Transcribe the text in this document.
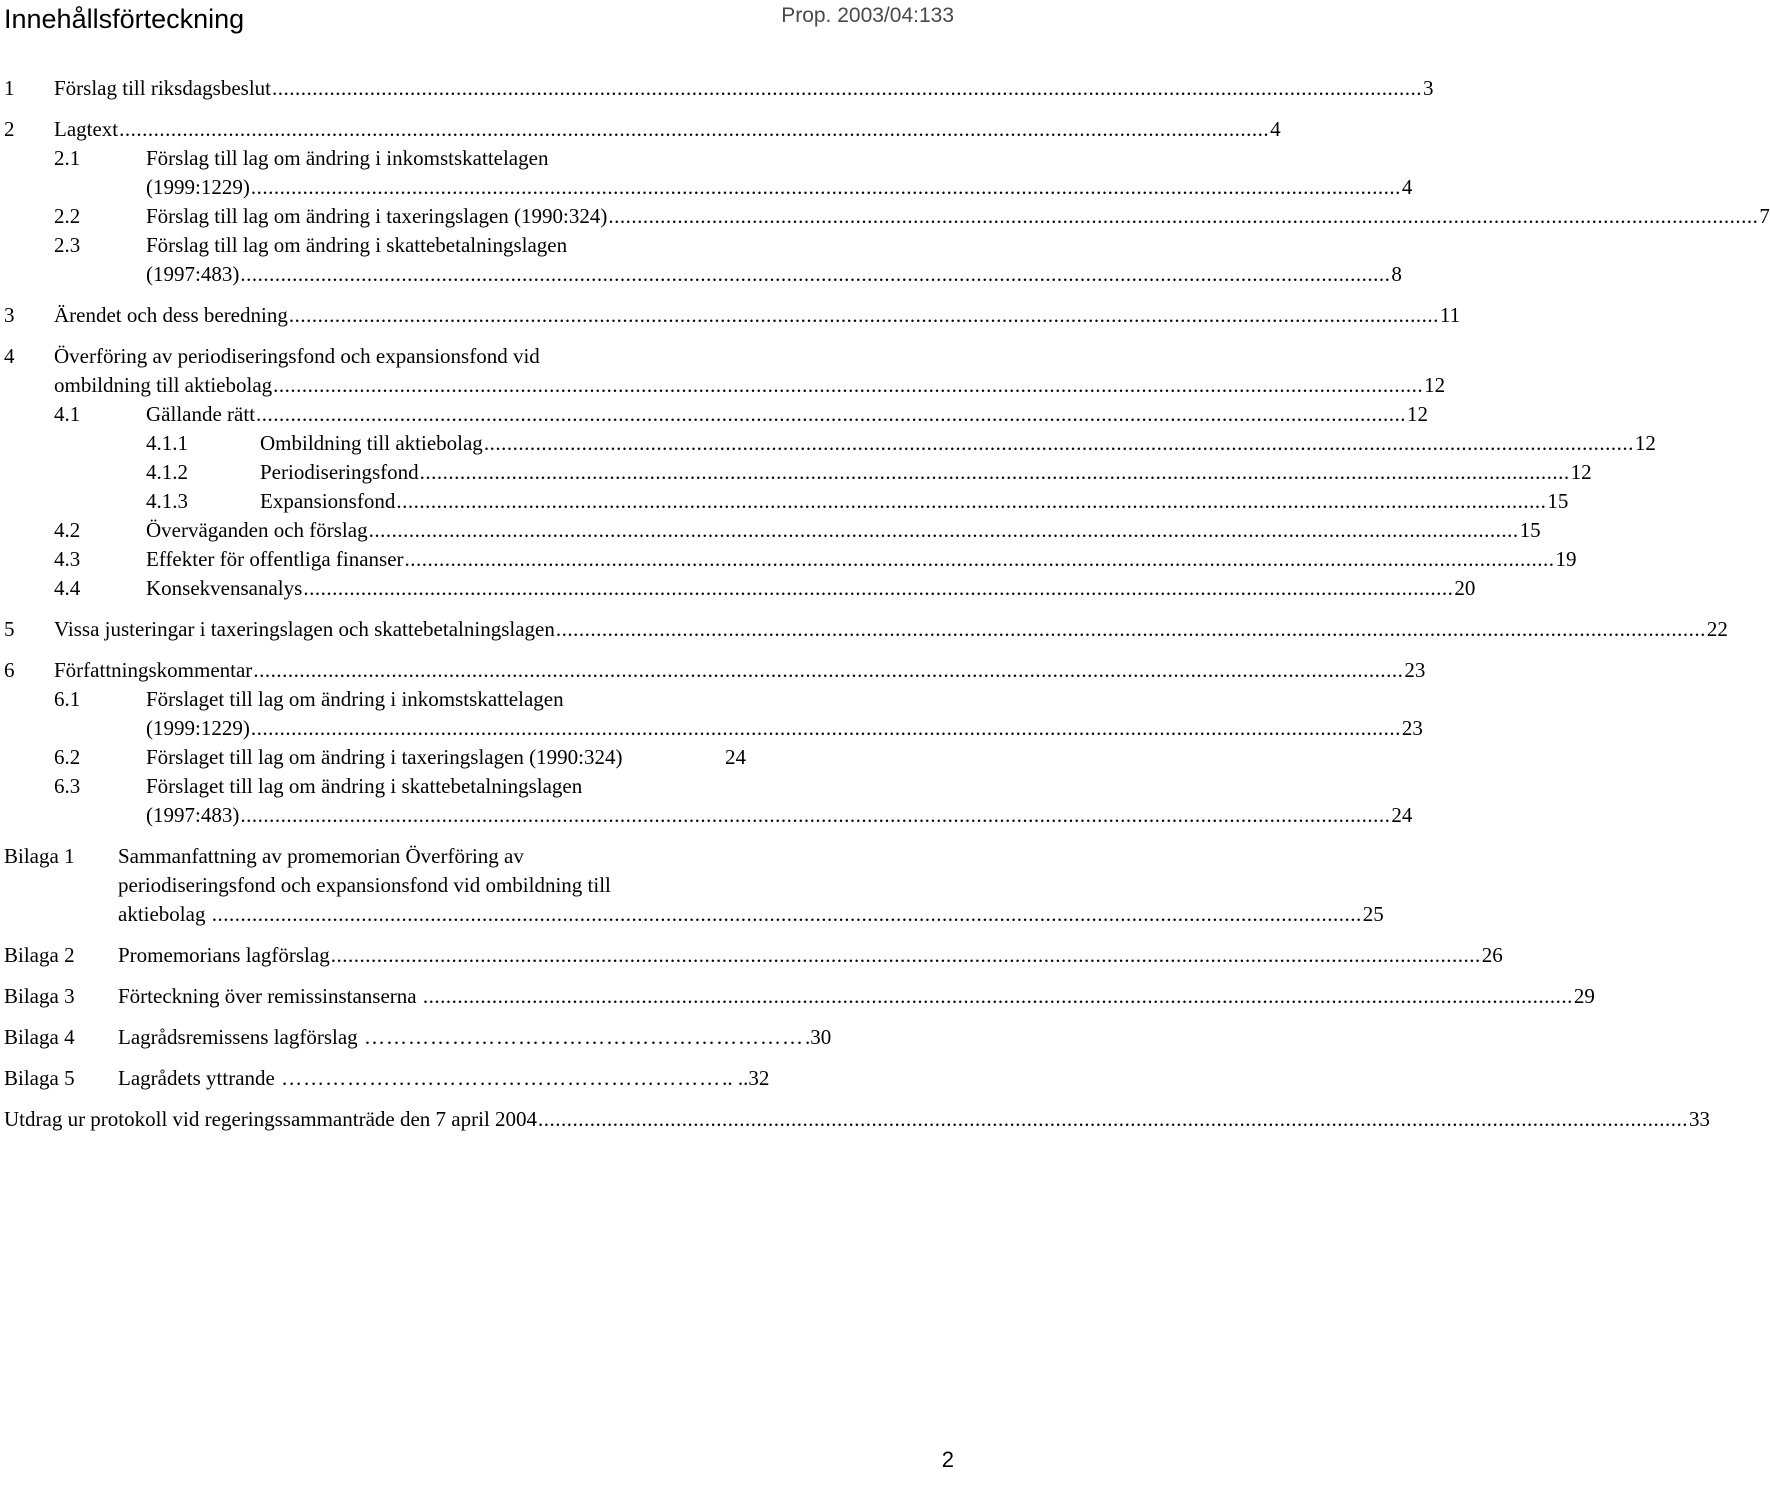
Innehållsförteckning	Prop. 2003/04:133
1 Förslag till riksdagsbeslut ........................................................................................................................................................................................................ 3
2 Lagtext ........................................................................................................................................................................................................ 4
2.1	Förslag till lag om ändring i inkomstskattelagen
(1999:1229) ........................................................................................................................................................................................................ 4
2.2	Förslag till lag om ändring i taxeringslagen (1990:324) ........................................................................................................................................................................................................ 7
2.3	Förslag till lag om ändring i skattebetalningslagen
(1997:483) ........................................................................................................................................................................................................ 8
3 Ärendet och dess beredning ........................................................................................................................................................................................................ 11
4 Överföring av periodiseringsfond och expansionsfond vid
ombildning till aktiebolag ........................................................................................................................................................................................................ 12
4.1	Gällande rätt ........................................................................................................................................................................................................ 12
4.1.1	Ombildning till aktiebolag ........................................................................................................................................................................................................ 12
4.1.2	Periodiseringsfond ........................................................................................................................................................................................................ 12
4.1.3	Expansionsfond ........................................................................................................................................................................................................ 15
4.2	Överväganden och förslag ........................................................................................................................................................................................................ 15
4.3	Effekter för offentliga finanser ........................................................................................................................................................................................................ 19
4.4	Konsekvensanalys ........................................................................................................................................................................................................ 20
5 Vissa justeringar i taxeringslagen och skattebetalningslagen ........................................................................................................................................................................................................ 22
6 Författningskommentar ........................................................................................................................................................................................................ 23
6.1	Förslaget till lag om ändring i inkomstskattelagen
(1999:1229) ........................................................................................................................................................................................................ 23
6.2	Förslaget till lag om ändring i taxeringslagen (1990:324)	24
6.3	Förslaget till lag om ändring i skattebetalningslagen
(1997:483) ........................................................................................................................................................................................................ 24
Bilaga 1 Sammanfattning av promemorian Överföring av
periodiseringsfond och expansionsfond vid ombildning till
aktiebolag ........................................................................................................................................................................................................ 25
Bilaga 2 Promemorians lagförslag ........................................................................................................................................................................................................ 26
Bilaga 3 Förteckning över remissinstanserna ........................................................................................................................................................................................................ 29
Bilaga 4 Lagrådsremissens lagförslag …………………………………………………… .30
Bilaga 5 Lagrådets yttrande …………………………………………………… .. ..32
Utdrag ur protokoll vid regeringssammanträde den 7 april 2004 ........................................................................................................................................................................................................ 33
2
